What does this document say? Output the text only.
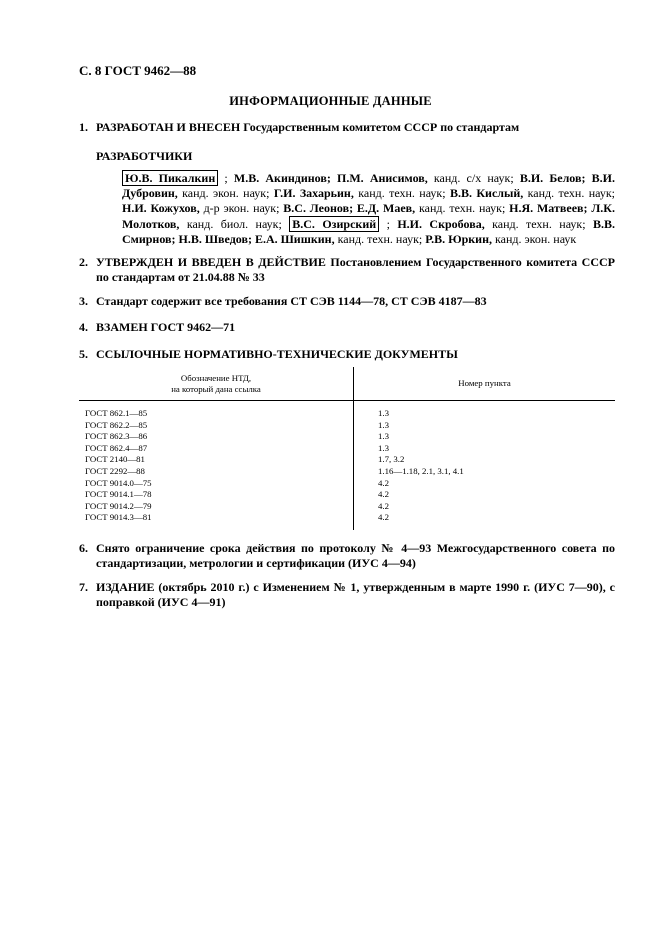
С. 8 ГОСТ 9462—88
ИНФОРМАЦИОННЫЕ ДАННЫЕ
1. РАЗРАБОТАН И ВНЕСЕН Государственным комитетом СССР по стандартам
РАЗРАБОТЧИКИ
Ю.В. Пикалкин ; М.В. Акиндинов; П.М. Анисимов, канд. с/х наук; В.И. Белов; В.И. Дубровин, канд. экон. наук; Г.И. Захарьин, канд. техн. наук; В.В. Кислый, канд. техн. наук; Н.И. Кожухов, д-р экон. наук; В.С. Леонов; Е.Д. Маев, канд. техн. наук; Н.Я. Матвеев; Л.К. Молотков, канд. биол. наук; В.С. Озирский ; Н.И. Скробова, канд. техн. наук; В.В. Смирнов; Н.В. Шведов; Е.А. Шишкин, канд. техн. наук; Р.В. Юркин, канд. экон. наук
2. УТВЕРЖДЕН И ВВЕДЕН В ДЕЙСТВИЕ Постановлением Государственного комитета СССР по стандартам от 21.04.88 № 33
3. Стандарт содержит все требования СТ СЭВ 1144—78, СТ СЭВ 4187—83
4. ВЗАМЕН ГОСТ 9462—71
5. ССЫЛОЧНЫЕ НОРМАТИВНО-ТЕХНИЧЕСКИЕ ДОКУМЕНТЫ
Обозначение НТД,
на который дана ссылка	Номер пункта
ГОСТ 862.1—85	1.3
ГОСТ 862.2—85	1.3
ГОСТ 862.3—86	1.3
ГОСТ 862.4—87	1.3
ГОСТ 2140—81	1.7, 3.2
ГОСТ 2292—88	1.16—1.18, 2.1, 3.1, 4.1
ГОСТ 9014.0—75	4.2
ГОСТ 9014.1—78	4.2
ГОСТ 9014.2—79	4.2
ГОСТ 9014.3—81	4.2
6. Снято ограничение срока действия по протоколу № 4—93 Межгосударственного совета по стандартизации, метрологии и сертификации (ИУС 4—94)
7. ИЗДАНИЕ (октябрь 2010 г.) с Изменением № 1, утвержденным в марте 1990 г. (ИУС 7—90), с поправкой (ИУС 4—91)
